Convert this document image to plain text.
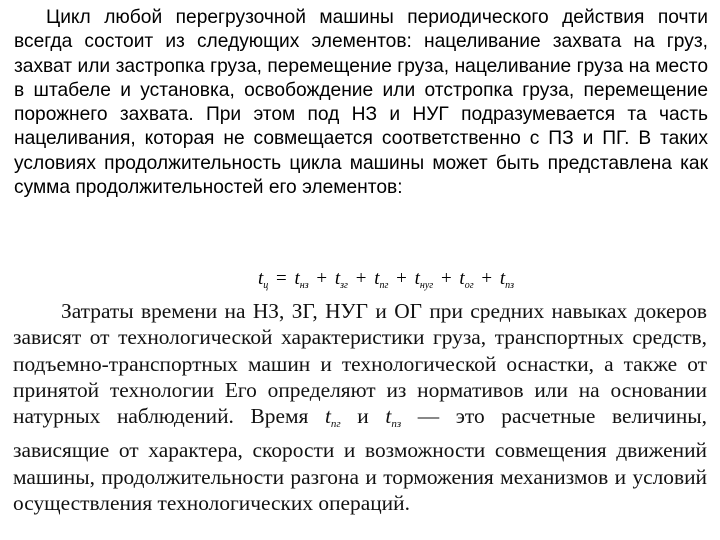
Цикл любой перегрузочной машины периодического действия почти всегда состоит из следующих элементов: нацеливание захвата на груз, захват или застропка груза, перемещение груза, нацеливание груза на место в штабеле и установка, освобождение или отстропка груза, перемещение порожнего захвата. При этом под НЗ и НУГ подразумевается та часть нацеливания, которая не совмещается соответственно с ПЗ и ПГ. В таких условиях продолжительность цикла машины может быть представлена как сумма продолжительностей его элементов:

$t_ц = t_{нз} + t_{зг} + t_{пг} + t_{нуг} + t_{ог} + t_{пз}$

Затраты времени на НЗ, ЗГ, НУГ и ОГ при средних навыках докеров зависят от технологической характеристики груза, транспортных средств, подъемно-транспортных машин и технологической оснастки, а также от принятой технологии Его определяют из нормативов или на основании натурных наблюдений. Время $t_{пг}$ и $t_{пз}$ — это расчетные величины, зависящие от характера, скорости и возможности совмещения движений машины, продолжительности разгона и торможения механизмов и условий осуществления технологических операций.
